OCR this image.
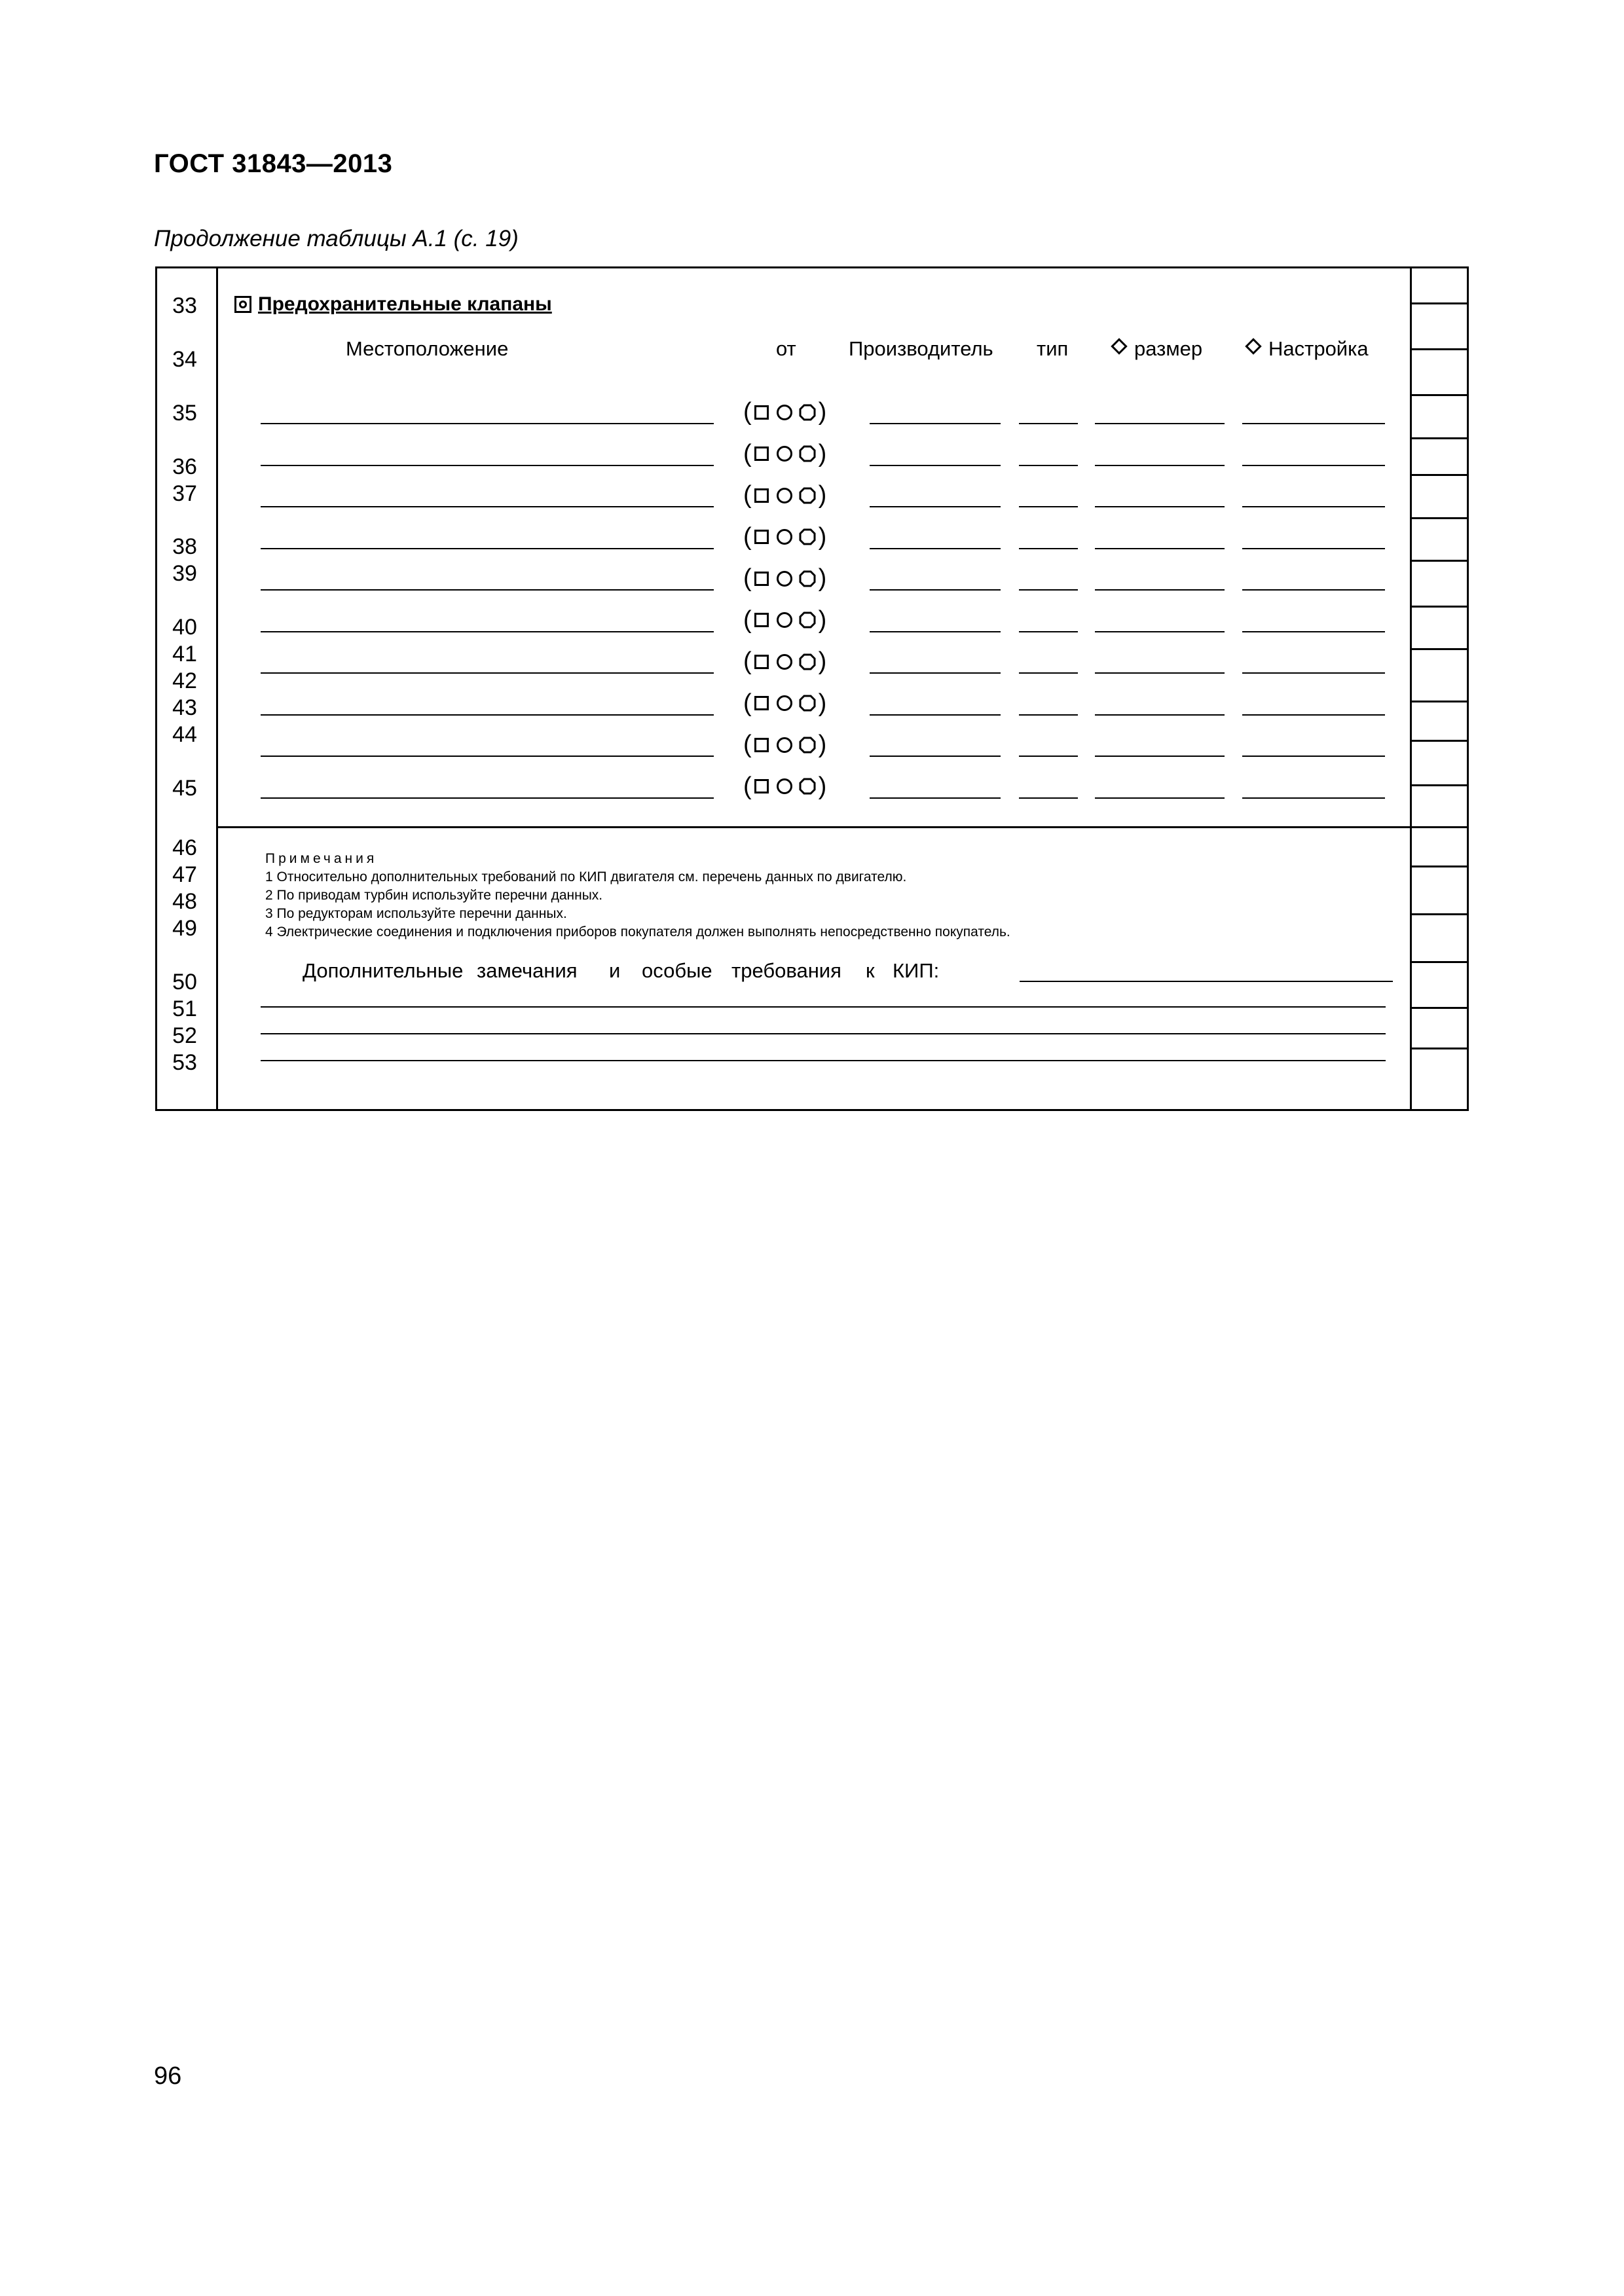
ГОСТ 31843—2013
Продолжение таблицы А.1 (с. 19)
33
34
35
36
37
38
39
40
41
42
43
44
45
46
47
48
49
50
51
52
53
Предохранительные клапаны
Местоположение	от	Производитель тип	размер	Настройка
(	)
(	)
(	)
(	)
(	)
(	)
(	)
(	)
(	)
(	)
Примечания
1 Относительно дополнительных требований по КИП двигателя см. перечень данных по двигателю.
2 По приводам турбин используйте перечни данных.
3 По редукторам используйте перечни данных.
4 Электрические соединения и подключения приборов покупателя должен выполнять непосредственно покупатель.
Дополнительные замечания и особые требования к КИП:
96
